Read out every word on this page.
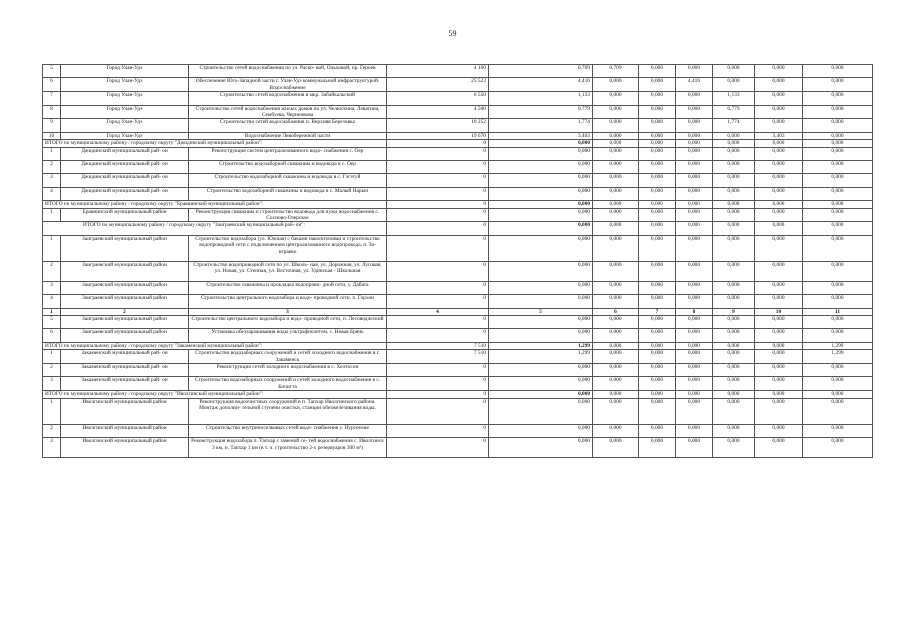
59
5	Город Улан-Удэ	Строительство сетей водоснабжения по ул. Раско- вой, Ольховой, пр. Героев	4 100	0,709	0,709	0,000	0,000	0,000	0,000	0,000
6	Город Улан-Удэ	Обеспечение Юго-Западной части г. Улан-Удэ коммунальной инфраструктурой. Водоснабжение	25 523	4,416	0,000	0,000	4,416	0,000	0,000	0,000
7	Город Улан-Удэ	Строительство сетей водоснабжения в мкр. Забайкальский	6 550	1,133	0,000	0,000	0,000	1,133	0,000	0,000
8	Город Улан-Удэ	Строительство сетей водоснабжения жилых домов по ул. Челюскина, Леватина, Сембуева, Черненкова	4 500	0,779	0,000	0,000	0,000	0,779	0,000	0,000
9	Город Улан-Удэ	Строительство сетей водоснабжения п. Верхняя Березовка	10 252	1,774	0,000	0,000	0,000	1,774	0,000	0,000
10	Город Улан-Удэ	Водоснабжение Левобережной части	19 670	3,403	0,000	0,000	0,000	0,000	3,403	0,000
ИТОГО по муниципальному району / городскому округу "Джидинский муниципальный район":			0	0,000	0,000	0,000	0,000	0,000	0,000	0,000
1	Джидинский муниципальный рай- он	Реконструкция систем централизованного водо- снабжения с. Оер	0	0,000	0,000	0,000	0,000	0,000	0,000	0,000
2	Джидинский муниципальный рай- он	Строительство водозаборной скважины и водовода в с. Оер	0	0,000	0,000	0,000	0,000	0,000	0,000	0,000
3	Джидинский муниципальный рай- он	Строительство водозаборной скважины и водовода в с. Гэгэтуй	0	0,000	0,000	0,000	0,000	0,000	0,000	0,000
4	Джидинский муниципальный рай- он	Строительство водозаборной скважины и водовода в с. Малый Нарын	0	0,000	0,000	0,000	0,000	0,000	0,000	0,000
ИТОГО по муниципальному району / городскому округу "Еравнинский муниципальный район":			0	0,000	0,000	0,000	0,000	0,000	0,000	0,000
1	Еравнинский муниципальный район	Реконструкция скважины и строительство водовода для нужд водоснабжения с. Сосново-Озерское	0	0,000	0,000	0,000	0,000	0,000	0,000	0,000
ИТОГО по муниципальному району / городскому округу "Заиграевский муниципальный рай- он":			0	0,000	0,000	0,000	0,000	0,000	0,000	0,000
1	Заиграевский муниципальный район	Строительство водозабора (ул. Южная) с баками накопителями и строительство водопроводной сети с подключением централизованного водопровода, п. За- играево	0	0,000	0,000	0,000	0,000	0,000	0,000	0,000
2	Заиграевский муниципальный район	Строительство водопроводной сети по ул. Школь- ная, ул. Дорожная, ул. Луговая, ул. Новая, ул. Степная, ул. Восточная, ул. Удинская - Школьная	0	0,000	0,000	0,000	0,000	0,000	0,000	0,000
3	Заиграевский муниципальный район	Строительство скважины и прокладка водопрово- дной сети, у. Дабата	0	0,000	0,000	0,000	0,000	0,000	0,000	0,000
4	Заиграевский муниципальный район	Строительство центрального водозабора и водо- проводной сети, п. Горхон	0	0,000	0,000	0,000	0,000	0,000	0,000	0,000
1	2	3	4	5	6	7	8	9	10	11
5	Заиграевский муниципальный район	Строительство центрального водозабора и водо- проводной сети, п. Лесоводческий	0	0,000	0,000	0,000	0,000	0,000	0,000	0,000
6	Заиграевский муниципальный район	Установка обеззараживания воды ультрафиолетом, с. Новая Брянь	0	0,000	0,000	0,000	0,000	0,000	0,000	0,000
ИТОГО по муниципальному району / городскому округу "Закаменский муниципальный район":			7 510	1,299	0,000	0,000	0,000	0,000	0,000	1,299
1	Закаменский муниципальный рай- он	Строительство водозаборных сооружений и сетей холодного водоснабжения в г. Закаменск	7 510	1,299	0,000	0,000	0,000	0,000	0,000	1,299
2	Закаменский муниципальный рай- он	Реконструкция сетей холодного водоснабжения в с. Холтосон	0	0,000	0,000	0,000	0,000	0,000	0,000	0,000
3	Закаменский муниципальный рай- он	Строительство водозаборных сооружений и сетей холодного водоснабжения в с. Бичигта	0	0,000	0,000	0,000	0,000	0,000	0,000	0,000
ИТОГО по муниципальному району / городскому округу "Иволгинский муниципальный район":			0	0,000	0,000	0,000	0,000	0,000	0,000	0,000
1	Иволгинский муниципальный район	Реконструкция водоочистных сооружений в п. Тапхар Иволгинского района. Монтаж дополни- тельной ступени очистки, станции обезжелезивания воды.	0	0,000	0,000	0,000	0,000	0,000	0,000	0,000
2	Иволгинский муниципальный район	Строительство внутрипоселковых сетей водо- снабжения у. Нурсеелие	0	0,000	0,000	0,000	0,000	0,000	0,000	0,000
3	Иволгинский муниципальный район	Реконструкция водозабора п. Тапхар с заменой се- тей водоснабжения с. Иволгинск 3 км, п. Тапхар 1 км (в т. ч. строительство 2-х резервуаров 300 м³)	0	0,000	0,000	0,000	0,000	0,000	0,000	0,000
